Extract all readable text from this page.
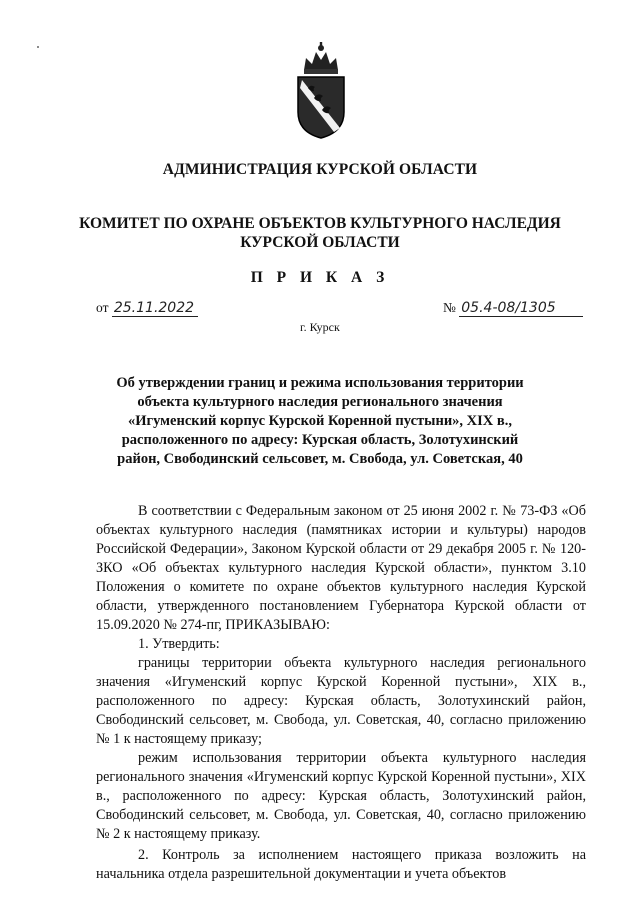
АДМИНИСТРАЦИЯ КУРСКОЙ ОБЛАСТИ
КОМИТЕТ ПО ОХРАНЕ ОБЪЕКТОВ КУЛЬТУРНОГО НАСЛЕДИЯ
КУРСКОЙ ОБЛАСТИ
П Р И К А З
от 25.11.2022	№ 05.4-08/1305
г. Курск
Об утверждении границ и режима использования территории объекта культурного наследия регионального значения «Игуменский корпус Курской Коренной пустыни», XIX в., расположенного по адресу: Курская область, Золотухинский район, Свободинский сельсовет, м. Свобода, ул. Советская, 40

В соответствии с Федеральным законом от 25 июня 2002 г. № 73-ФЗ «Об объектах культурного наследия (памятниках истории и культуры) народов Российской Федерации», Законом Курской области от 29 декабря 2005 г. № 120-ЗКО «Об объектах культурного наследия Курской области», пунктом 3.10 Положения о комитете по охране объектов культурного наследия Курской области, утвержденного постановлением Губернатора Курской области от 15.09.2020 № 274-пг, ПРИКАЗЫВАЮ:

1. Утвердить:

границы территории объекта культурного наследия регионального значения «Игуменский корпус Курской Коренной пустыни», XIX в., расположенного по адресу: Курская область, Золотухинский район, Свободинский сельсовет, м. Свобода, ул. Советская, 40, согласно приложению № 1 к настоящему приказу;

режим использования территории объекта культурного наследия регионального значения «Игуменский корпус Курской Коренной пустыни», XIX в., расположенного по адресу: Курская область, Золотухинский район, Свободинский сельсовет, м. Свобода, ул. Советская, 40, согласно приложению № 2 к настоящему приказу.

2. Контроль за исполнением настоящего приказа возложить на начальника отдела разрешительной документации и учета объектов
